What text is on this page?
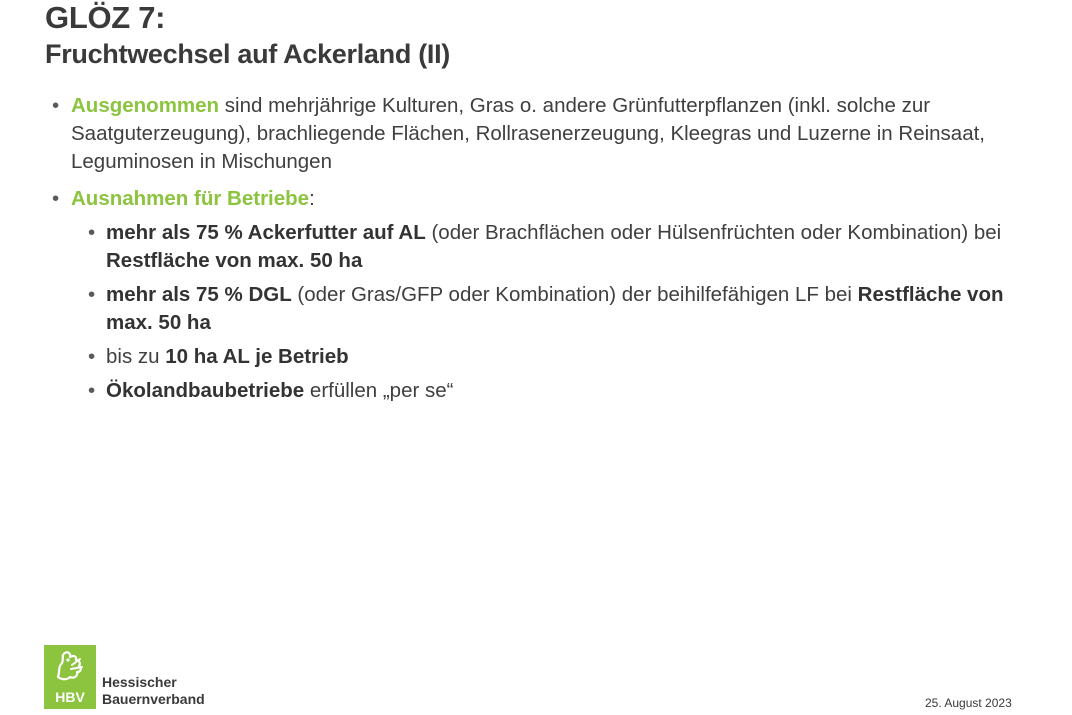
GLÖZ 7:
Fruchtwechsel auf Ackerland (II)
• Ausgenommen sind mehrjährige Kulturen, Gras o. andere Grünfutterpflanzen (inkl. solche zur Saatguterzeugung), brachliegende Flächen, Rollrasenerzeugung, Kleegras und Luzerne in Reinsaat, Leguminosen in Mischungen
• Ausnahmen für Betriebe:
• mehr als 75 % Ackerfutter auf AL (oder Brachflächen oder Hülsenfrüchten oder Kombination) bei Restfläche von max. 50 ha
• mehr als 75 % DGL (oder Gras/GFP oder Kombination) der beihilfefähigen LF bei Restfläche von max. 50 ha
• bis zu 10 ha AL je Betrieb
• Ökolandbaubetriebe erfüllen „per se“
HBV
Hessischer
Bauernverband	25. August 2023
